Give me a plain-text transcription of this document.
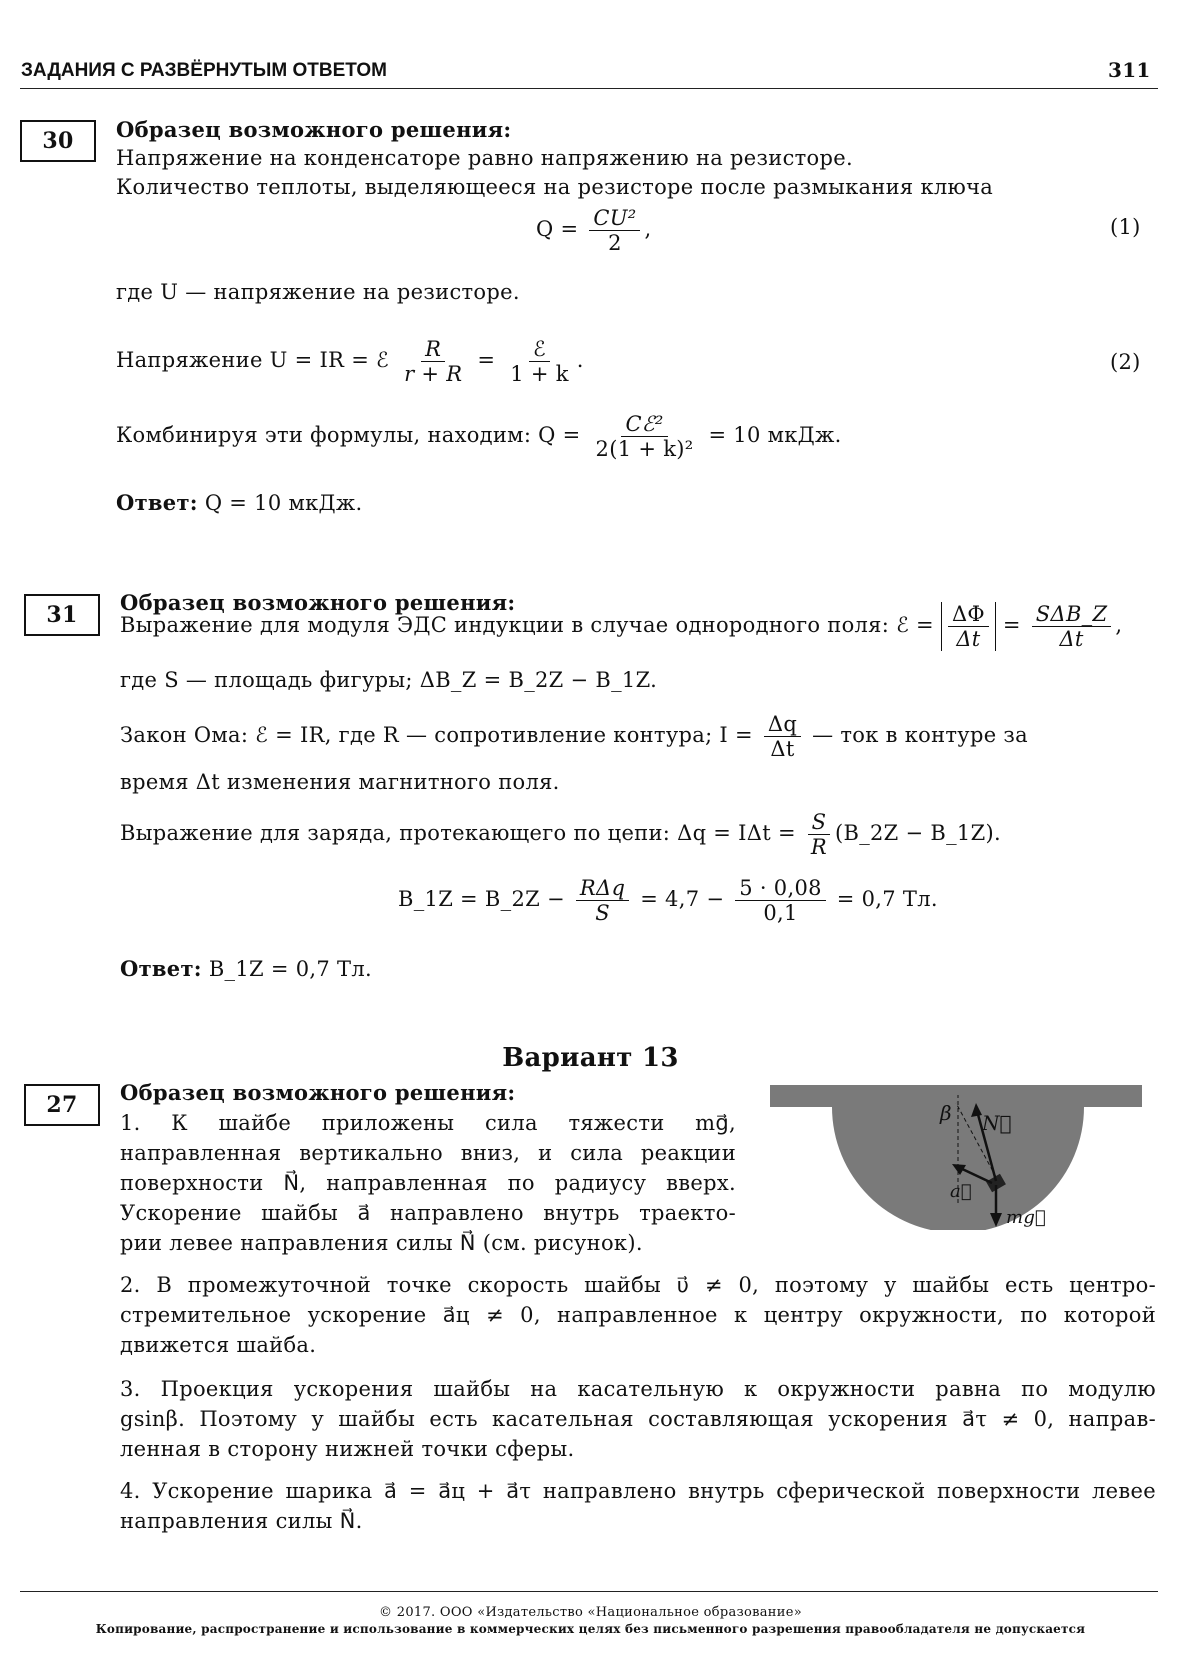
ЗАДАНИЯ С РАЗВЁРНУТЫМ ОТВЕТОМ	311
30	Образец возможного решения:
Напряжение на конденсаторе равно напряжению на резисторе.
Количество теплоты, выделяющееся на резисторе после размыкания ключа
$Q = \frac{\text{CU²}}{2}$ ,	(1)
где U — напряжение на резисторе.
Напряжение U = IR = ℰ $\frac{R}{r + R} = \frac{\text{ℰ}}{1 + k}$ .	(2)
Комбинируя эти формулы, находим: $Q = \frac{\text{Cℰ²}}{\text{2(1 + k)²}} = 10$ мкДж.
Ответ: Q = 10 мкДж.
31	Образец возможного решения:
Выражение для модуля ЭДС индукции в случае однородного поля: ℰ = $\frac{\Delta\Phi}{\Delta t} = \frac{\text{SΔB\_Z}}{\Delta t}$ ,
где S — площадь фигуры; ΔB_Z = B_2Z − B_1Z.
Закон Ома: ℰ = IR, где R — сопротивление контура; $I = \frac{\Delta q}{\Delta t}$ — ток в контуре за
время Δt изменения магнитного поля.
Выражение для заряда, протекающего по цепи: $\Delta q = I\Delta t = \frac{S}{R}$ (B_2Z − B_1Z).
B_1Z = B_2Z − $\frac{\text{RΔq}}{S} = 4,7 - \frac{5 \cdot 0,08}{0,1} = 0,7$ Тл.
Ответ: B_1Z = 0,7 Тл.
Вариант 13
27	Образец возможного решения:
1. К шайбе приложены сила тяжести mg⃗,
направленная вертикально вниз, и сила реакции
поверхности N⃗, направленная по радиусу вверх.
Ускорение шайбы a⃗ направлено внутрь траекто-
рии левее направления силы N⃗ (см. рисунок).
β N⃗
a⃗
mg⃗
2. В промежуточной точке скорость шайбы υ⃗ ≠ 0, поэтому у шайбы есть центро-
стремительное ускорение a⃗ц ≠ 0, направленное к центру окружности, по которой
движется шайба.
3. Проекция ускорения шайбы на касательную к окружности равна по модулю
gsinβ. Поэтому у шайбы есть касательная составляющая ускорения a⃗τ ≠ 0, направ-
ленная в сторону нижней точки сферы.
4. Ускорение шарика a⃗ = a⃗ц + a⃗τ направлено внутрь сферической поверхности левее
направления силы N⃗.
© 2017. ООО «Издательство «Национальное образование»
Копирование, распространение и использование в коммерческих целях без письменного разрешения правообладателя не допускается
